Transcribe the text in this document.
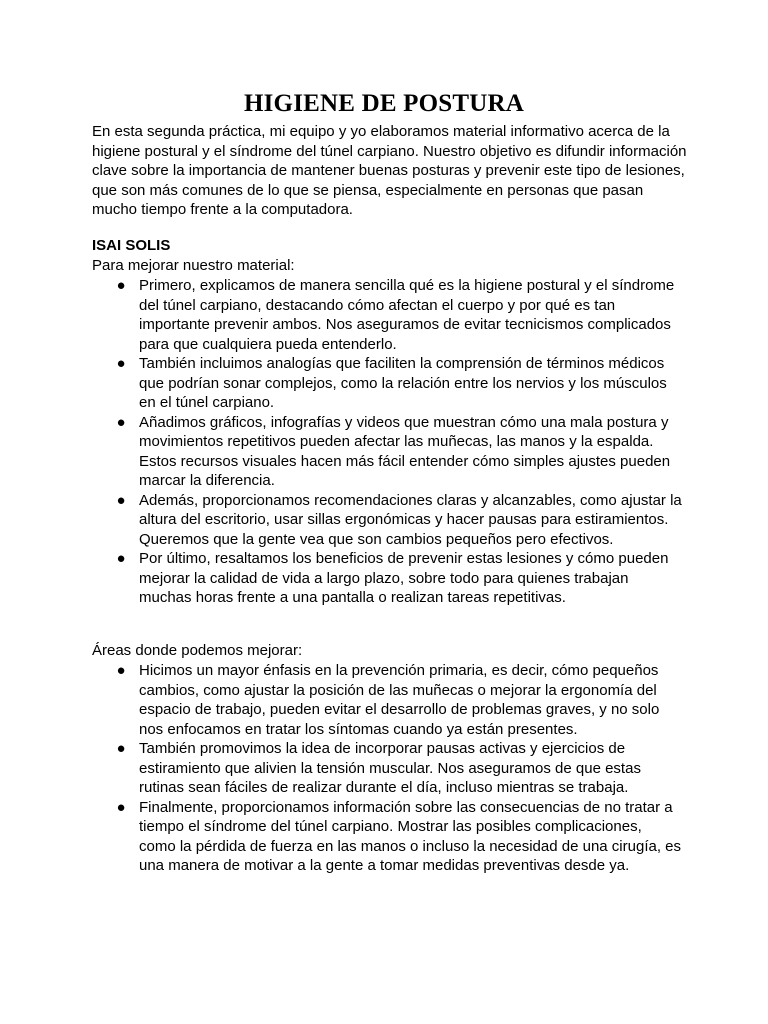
HIGIENE DE POSTURA

En esta segunda práctica, mi equipo y yo elaboramos material informativo acerca de la higiene postural y el síndrome del túnel carpiano. Nuestro objetivo es difundir información clave sobre la importancia de mantener buenas posturas y prevenir este tipo de lesiones, que son más comunes de lo que se piensa, especialmente en personas que pasan mucho tiempo frente a la computadora.

ISAI SOLIS

Para mejorar nuestro material:

● Primero, explicamos de manera sencilla qué es la higiene postural y el síndrome del túnel carpiano, destacando cómo afectan el cuerpo y por qué es tan importante prevenir ambos. Nos aseguramos de evitar tecnicismos complicados para que cualquiera pueda entenderlo.
● También incluimos analogías que faciliten la comprensión de términos médicos que podrían sonar complejos, como la relación entre los nervios y los músculos en el túnel carpiano.
● Añadimos gráficos, infografías y videos que muestran cómo una mala postura y movimientos repetitivos pueden afectar las muñecas, las manos y la espalda. Estos recursos visuales hacen más fácil entender cómo simples ajustes pueden marcar la diferencia.
● Además, proporcionamos recomendaciones claras y alcanzables, como ajustar la altura del escritorio, usar sillas ergonómicas y hacer pausas para estiramientos. Queremos que la gente vea que son cambios pequeños pero efectivos.
● Por último, resaltamos los beneficios de prevenir estas lesiones y cómo pueden mejorar la calidad de vida a largo plazo, sobre todo para quienes trabajan muchas horas frente a una pantalla o realizan tareas repetitivas.

Áreas donde podemos mejorar:

● Hicimos un mayor énfasis en la prevención primaria, es decir, cómo pequeños cambios, como ajustar la posición de las muñecas o mejorar la ergonomía del espacio de trabajo, pueden evitar el desarrollo de problemas graves, y no solo nos enfocamos en tratar los síntomas cuando ya están presentes.
● También promovimos la idea de incorporar pausas activas y ejercicios de estiramiento que alivien la tensión muscular. Nos aseguramos de que estas rutinas sean fáciles de realizar durante el día, incluso mientras se trabaja.
● Finalmente, proporcionamos información sobre las consecuencias de no tratar a tiempo el síndrome del túnel carpiano. Mostrar las posibles complicaciones, como la pérdida de fuerza en las manos o incluso la necesidad de una cirugía, es una manera de motivar a la gente a tomar medidas preventivas desde ya.
